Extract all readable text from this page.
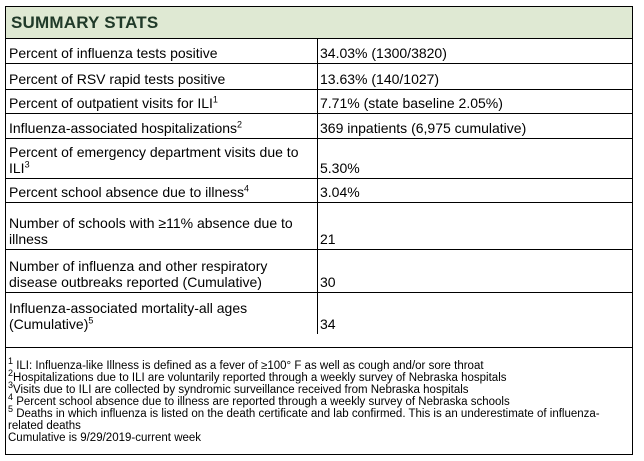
SUMMARY STATS
Percent of influenza tests positive	34.03% (1300/3820)

Percent of RSV rapid tests positive	13.63% (140/1027)

Percent of outpatient visits for ILI$^1$	7.71% (state baseline 2.05%)

Influenza-associated hospitalizations$^2$	369 inpatients (6,975 cumulative)

Percent of emergency department visits due to ILI$^3$	5.30%

Percent school absence due to illness$^4$	3.04%

Number of schools with ≥11% absence due to illness	21

Number of influenza and other respiratory disease outbreaks reported (Cumulative)	30

Influenza-associated mortality-all ages (Cumulative)$^5$	34
$^1$ ILI: Influenza-like Illness is defined as a fever of ≥100° F as well as cough and/or sore throat
$^2$Hospitalizations due to ILI are voluntarily reported through a weekly survey of Nebraska hospitals
$^3$Visits due to ILI are collected by syndromic surveillance received from Nebraska hospitals
$^4$ Percent school absence due to illness are reported through a weekly survey of Nebraska schools
$^5$ Deaths in which influenza is listed on the death certificate and lab confirmed. This is an underestimate of influenza-related deaths
Cumulative is 9/29/2019-current week
